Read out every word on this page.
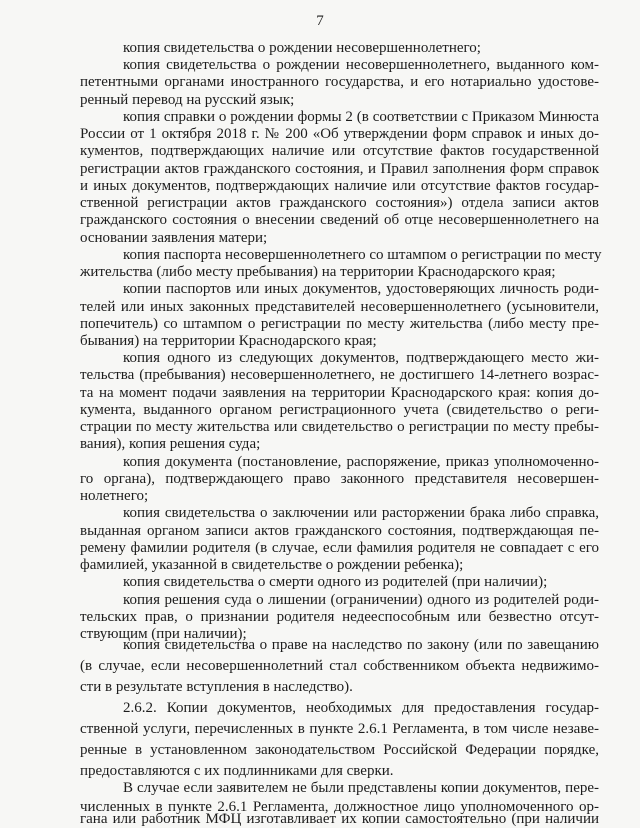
7
копия свидетельства о рождении несовершеннолетнего;
копия свидетельства о рождении несовершеннолетнего, выданного ком-
петентными органами иностранного государства, и его нотариально удостове-
ренный перевод на русский язык;
копия справки о рождении формы 2 (в соответствии с Приказом Минюста
России от 1 октября 2018 г. № 200 «Об утверждении форм справок и иных до-
кументов, подтверждающих наличие или отсутствие фактов государственной
регистрации актов гражданского состояния, и Правил заполнения форм справок
и иных документов, подтверждающих наличие или отсутствие фактов государ-
ственной регистрации актов гражданского состояния») отдела записи актов
гражданского состояния о внесении сведений об отце несовершеннолетнего на
основании заявления матери;
копия паспорта несовершеннолетнего со штампом о регистрации по месту
жительства (либо месту пребывания) на территории Краснодарского края;
копии паспортов или иных документов, удостоверяющих личность роди-
телей или иных законных представителей несовершеннолетнего (усыновители,
попечитель) со штампом о регистрации по месту жительства (либо месту пре-
бывания) на территории Краснодарского края;
копия одного из следующих документов, подтверждающего место жи-
тельства (пребывания) несовершеннолетнего, не достигшего 14-летнего возрас-
та на момент подачи заявления на территории Краснодарского края: копия до-
кумента, выданного органом регистрационного учета (свидетельство о реги-
страции по месту жительства или свидетельство о регистрации по месту пребы-
вания), копия решения суда;
копия документа (постановление, распоряжение, приказ уполномоченно-
го органа), подтверждающего право законного представителя несовершен-
нолетнего;
копия свидетельства о заключении или расторжении брака либо справка,
выданная органом записи актов гражданского состояния, подтверждающая пе-
ремену фамилии родителя (в случае, если фамилия родителя не совпадает с его
фамилией, указанной в свидетельстве о рождении ребенка);
копия свидетельства о смерти одного из родителей (при наличии);
копия решения суда о лишении (ограничении) одного из родителей роди-
тельских прав, о признании родителя недееспособным или безвестно отсут-
ствующим (при наличии);
копия свидетельства о праве на наследство по закону (или по завещанию
(в случае, если несовершеннолетний стал собственником объекта недвижимо-
сти в результате вступления в наследство).
2.6.2. Копии документов, необходимых для предоставления государ-
ственной услуги, перечисленных в пункте 2.6.1 Регламента, в том числе незаве-
ренные в установленном законодательством Российской Федерации порядке,
предоставляются с их подлинниками для сверки.
В случае если заявителем не были представлены копии документов, пере-
численных в пункте 2.6.1 Регламента, должностное лицо уполномоченного ор-
гана или работник МФЦ изготавливает их копии самостоятельно (при наличии
